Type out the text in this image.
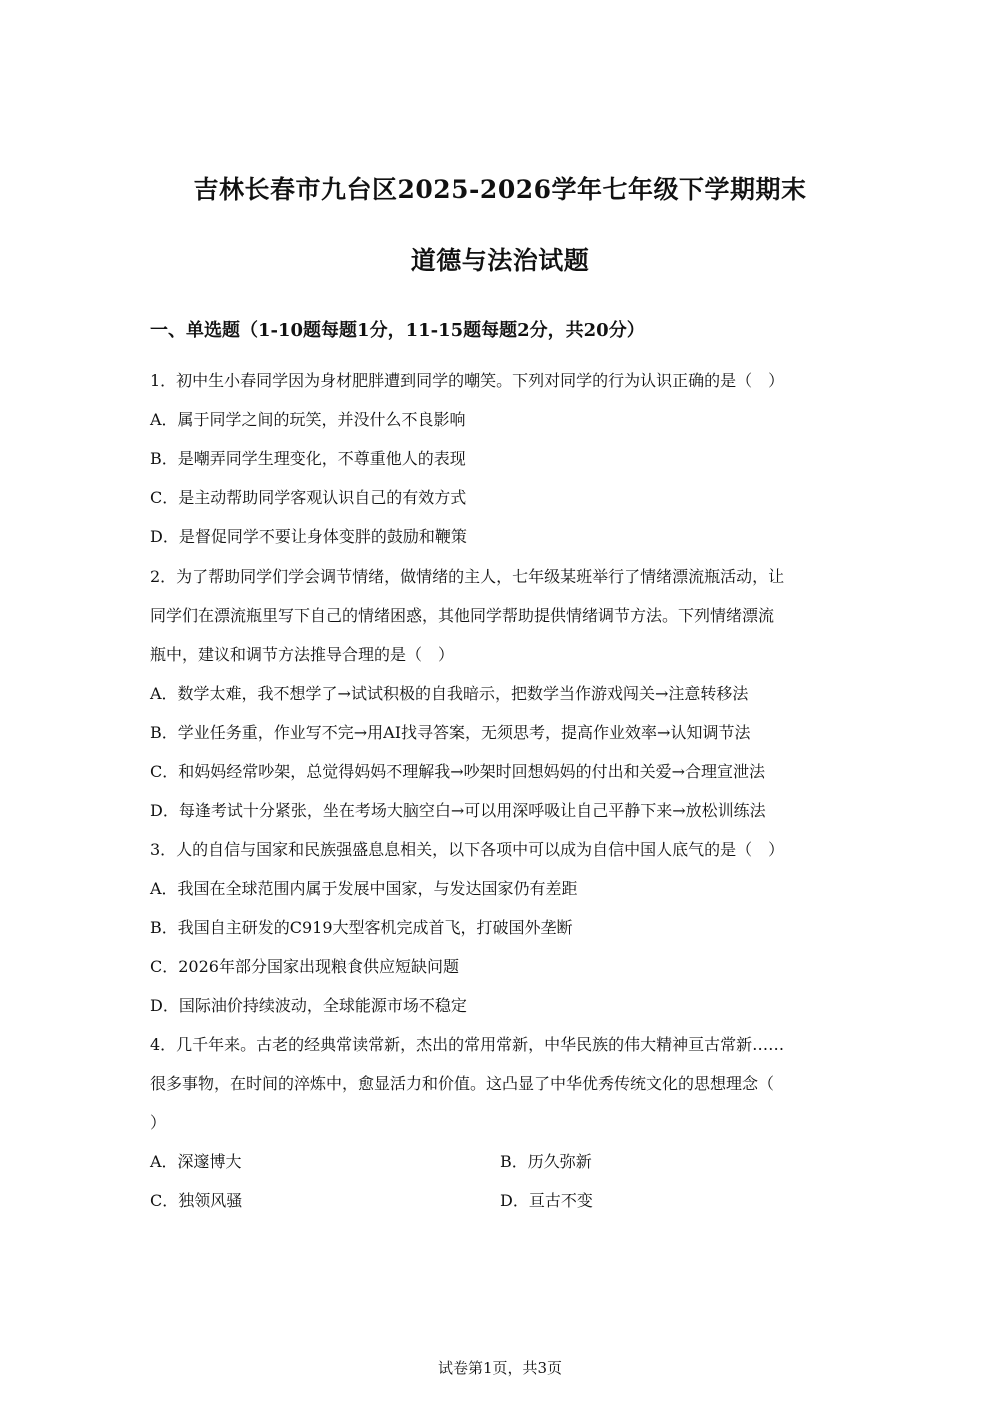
吉林长春市九台区2025-2026学年七年级下学期期末
道德与法治试题
一、单选题（1-10题每题1分，11-15题每题2分，共20分）
1．初中生小春同学因为身材肥胖遭到同学的嘲笑。下列对同学的行为认识正确的是（　）
A．属于同学之间的玩笑，并没什么不良影响
B．是嘲弄同学生理变化，不尊重他人的表现
C．是主动帮助同学客观认识自己的有效方式
D．是督促同学不要让身体变胖的鼓励和鞭策
2．为了帮助同学们学会调节情绪，做情绪的主人，七年级某班举行了情绪漂流瓶活动，让
同学们在漂流瓶里写下自己的情绪困惑，其他同学帮助提供情绪调节方法。下列情绪漂流
瓶中，建议和调节方法推导合理的是（　）
A．数学太难，我不想学了→试试积极的自我暗示，把数学当作游戏闯关→注意转移法
B．学业任务重，作业写不完→用AI找寻答案，无须思考，提高作业效率→认知调节法
C．和妈妈经常吵架，总觉得妈妈不理解我→吵架时回想妈妈的付出和关爱→合理宣泄法
D．每逢考试十分紧张，坐在考场大脑空白→可以用深呼吸让自己平静下来→放松训练法
3．人的自信与国家和民族强盛息息相关，以下各项中可以成为自信中国人底气的是（　）
A．我国在全球范围内属于发展中国家，与发达国家仍有差距
B．我国自主研发的C919大型客机完成首飞，打破国外垄断
C．2026年部分国家出现粮食供应短缺问题
D．国际油价持续波动，全球能源市场不稳定
4．几千年来。古老的经典常读常新，杰出的常用常新，中华民族的伟大精神亘古常新……
很多事物，在时间的淬炼中，愈显活力和价值。这凸显了中华优秀传统文化的思想理念（
）
A．深邃博大	B．历久弥新
C．独领风骚	D．亘古不变
试卷第1页，共3页
